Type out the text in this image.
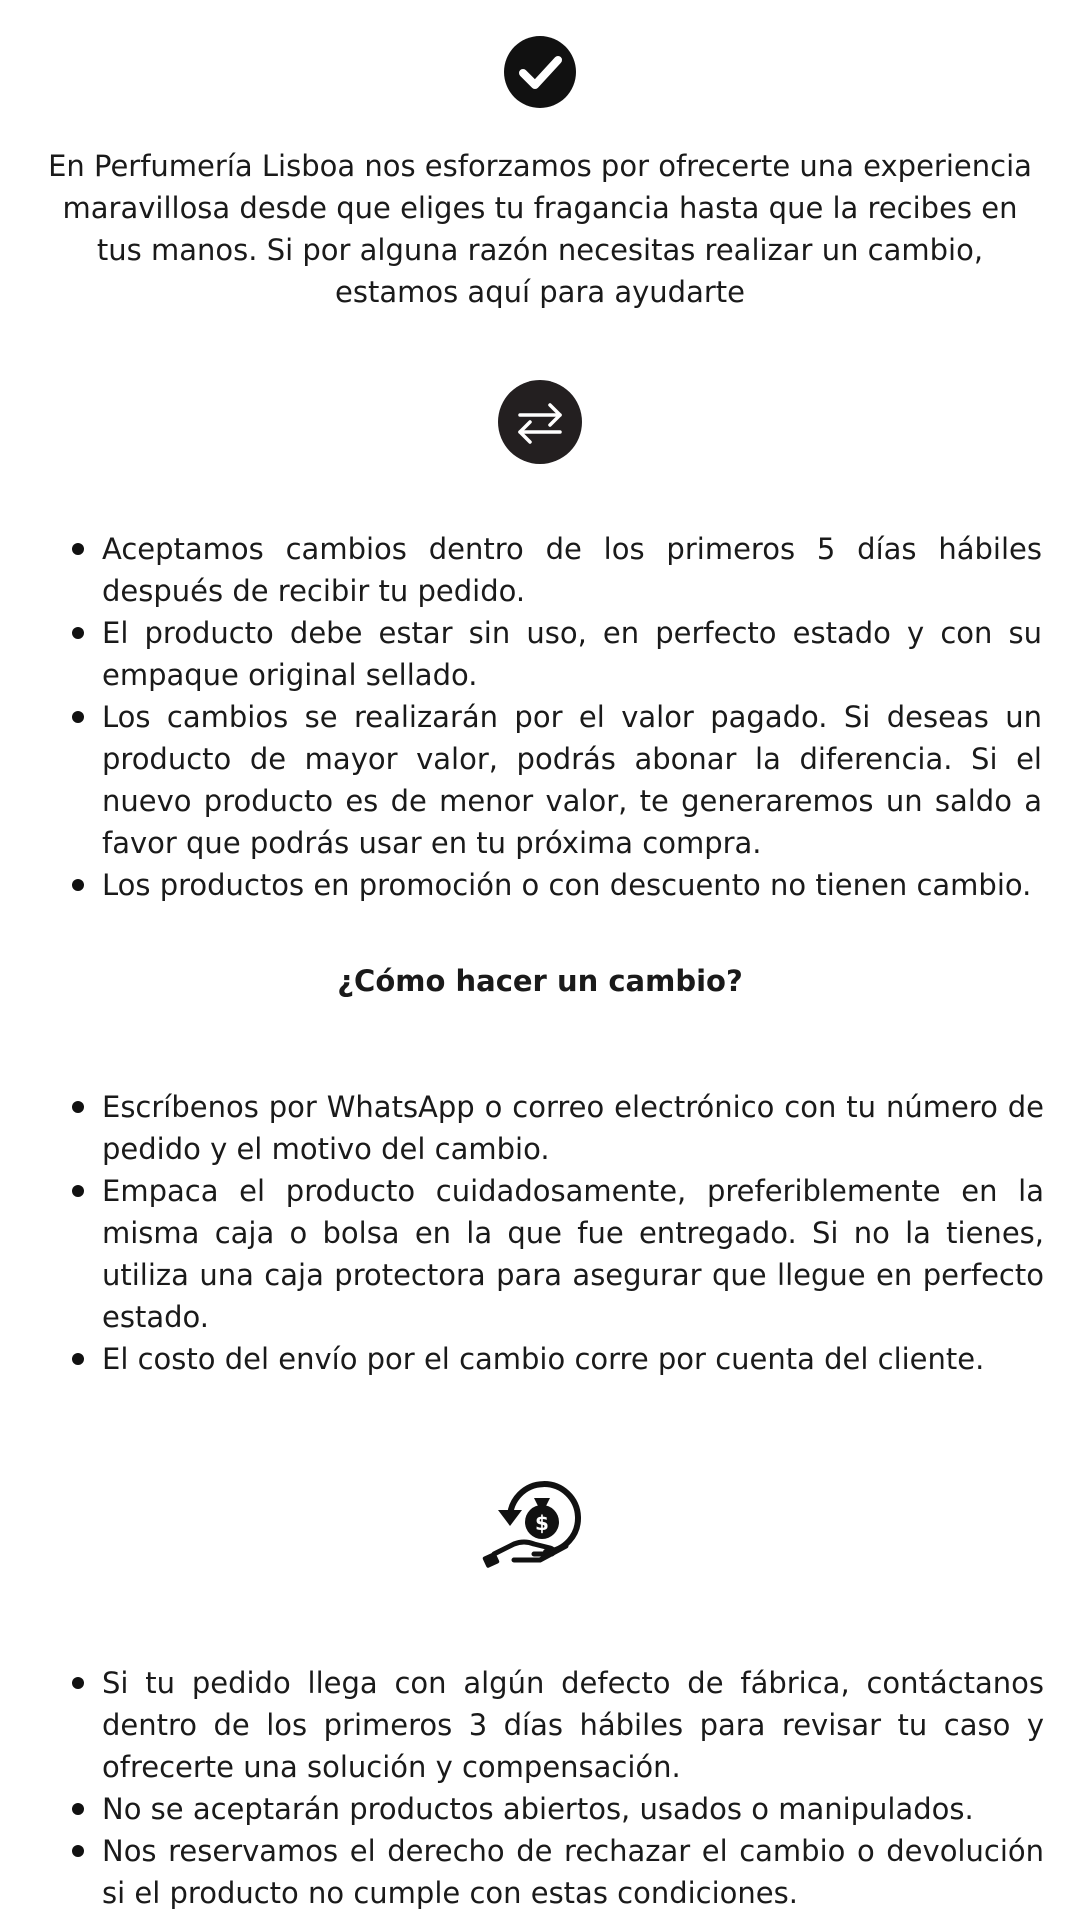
En Perfumería Lisboa nos esforzamos por ofrecerte una experiencia maravillosa desde que eliges tu fragancia hasta que la recibes en tus manos. Si por alguna razón necesitas realizar un cambio, estamos aquí para ayudarte

Aceptamos cambios dentro de los primeros 5 días hábiles después de recibir tu pedido.
El producto debe estar sin uso, en perfecto estado y con su empaque original sellado.
Los cambios se realizarán por el valor pagado. Si deseas un producto de mayor valor, podrás abonar la diferencia. Si el nuevo producto es de menor valor, te generaremos un saldo a favor que podrás usar en tu próxima compra.
Los productos en promoción o con descuento no tienen cambio.
¿Cómo hacer un cambio?
Escríbenos por WhatsApp o correo electrónico con tu número de pedido y el motivo del cambio.
Empaca el producto cuidadosamente, preferiblemente en la misma caja o bolsa en la que fue entregado. Si no la tienes, utiliza una caja protectora para asegurar que llegue en perfecto estado.
El costo del envío por el cambio corre por cuenta del cliente.
$
Si tu pedido llega con algún defecto de fábrica, contáctanos dentro de los primeros 3 días hábiles para revisar tu caso y ofrecerte una solución y compensación.
No se aceptarán productos abiertos, usados o manipulados.
Nos reservamos el derecho de rechazar el cambio o devolución si el producto no cumple con estas condiciones.
